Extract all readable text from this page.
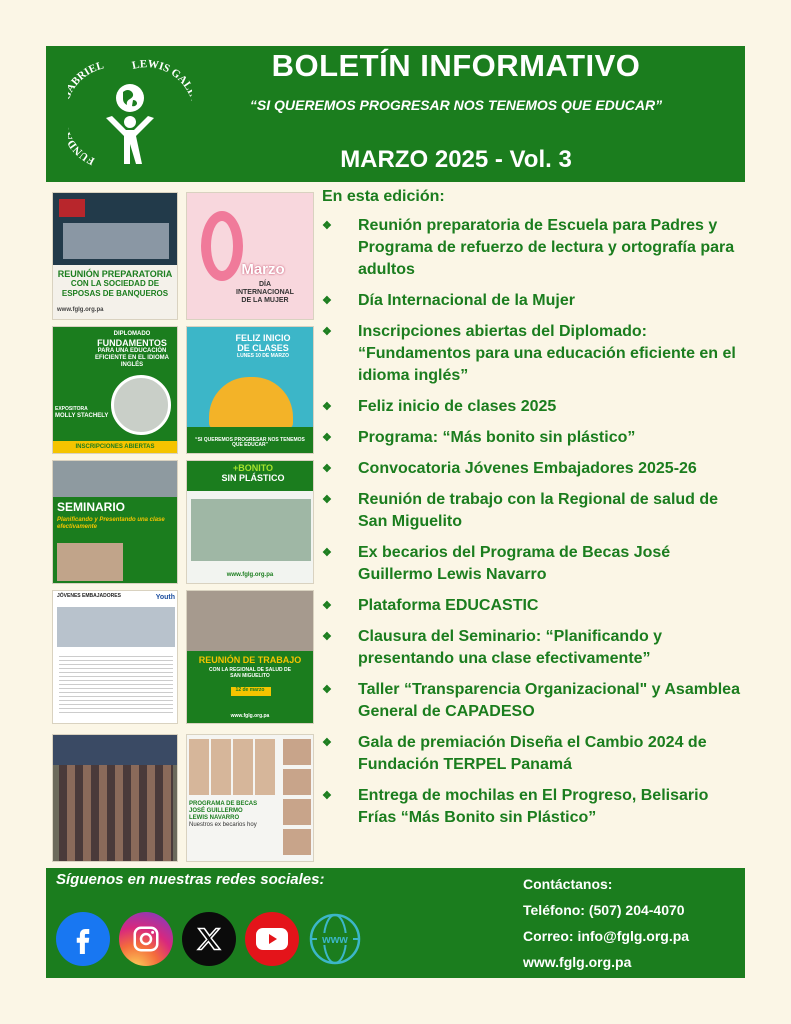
FUN BRIEL LEWIS GA	BOLETÍN INFORMATIVO
“SI QUEREMOS PROGRESAR NOS TENEMOS QUE EDUCAR”
MARZO 2025 - Vol. 3
REUNIÓN PREPARATORIA
CON LA SOCIEDAD DE
ESPOSAS DE BANQUEROS
www.fglg.org.pa
Marzo
DÍA
INTERNACIONAL
DE LA MUJER
DIPLOMADO
FUNDAMENTOS
PARA UNA EDUCACIÓN
EFICIENTE EN EL IDIOMA
INGLÉS
EXPOSITORA
MOLLY STACHELY
INSCRIPCIONES ABIERTAS
FELIZ INICIO
DE CLASES
LUNES 10 DE MARZO
“SI QUEREMOS PROGRESAR NOS TENEMOS QUE EDUCAR”
SEMINARIO
Planificando y Presentando una clase efectivamente
+BONITO
SIN PLÁSTICO
www.fglg.org.pa
JÓVENES EMBAJADORES	Youth
REUNIÓN DE TRABAJO
CON LA REGIONAL DE SALUD DE
SAN MIGUELITO
12 de marzo
www.fglg.org.pa
PROGRAMA DE BECAS
JOSÉ GUILLERMO
LEWIS NAVARRO
Nuestros ex becarios hoy
En esta edición:
❖ Reunión preparatoria de Escuela para Padres y Programa de refuerzo de lectura y ortografía para adultos
❖ Día Internacional de la Mujer
❖ Inscripciones abiertas del Diplomado: “Fundamentos para una educación eficiente en el idioma inglés”
❖ Feliz inicio de clases 2025
❖ Programa: “Más bonito sin plástico”
❖ Convocatoria Jóvenes Embajadores 2025-26
❖ Reunión de trabajo con la Regional de salud de San Miguelito
❖ Ex becarios del Programa de Becas José Guillermo Lewis Navarro
❖ Plataforma EDUCASTIC
❖ Clausura del Seminario: “Planificando y presentando una clase efectivamente”
❖ Taller “Transparencia Organizacional" y Asamblea General de CAPADESO
❖ Gala de premiación Diseña el Cambio 2024 de Fundación TERPEL Panamá
❖ Entrega de mochilas en El Progreso, Belisario Frías “Más Bonito sin Plástico”
Síguenos en nuestras redes sociales:
www
Contáctanos:
Teléfono: (507) 204-4070
Correo: info@fglg.org.pa
www.fglg.org.pa
